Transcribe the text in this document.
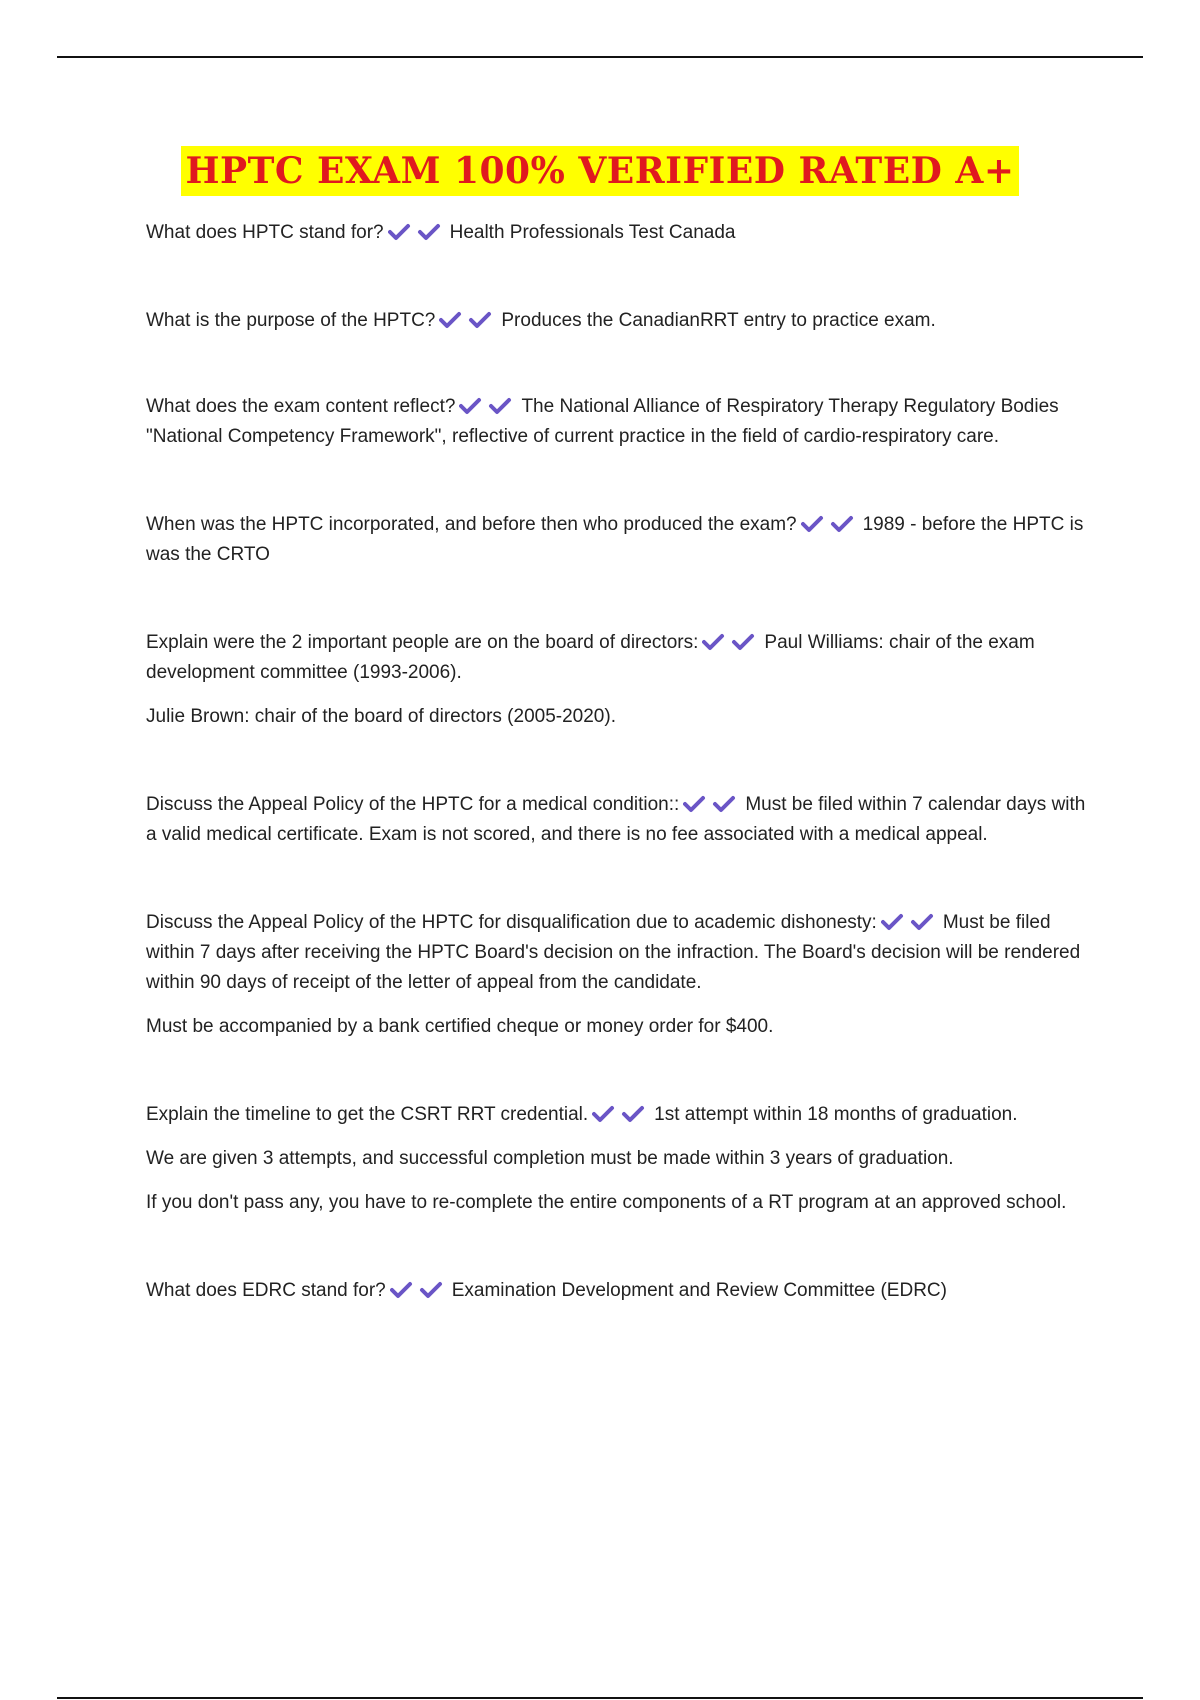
HPTC EXAM 100% VERIFIED RATED A+

What does HPTC stand for?	Health Professionals Test Canada

What is the purpose of the HPTC?	Produces the CanadianRRT entry to practice exam.

What does the exam content reflect?	The National Alliance of Respiratory Therapy Regulatory Bodies "National Competency Framework", reflective of current practice in the field of cardio-respiratory care.

When was the HPTC incorporated, and before then who produced the exam?	1989 - before the HPTC is was the CRTO

Explain were the 2 important people are on the board of directors:	Paul Williams: chair of the exam development committee (1993-2006).

Julie Brown: chair of the board of directors (2005-2020).

Discuss the Appeal Policy of the HPTC for a medical condition::	Must be filed within 7 calendar days with a valid medical certificate. Exam is not scored, and there is no fee associated with a medical appeal.

Discuss the Appeal Policy of the HPTC for disqualification due to academic dishonesty:	Must be filed within 7 days after receiving the HPTC Board's decision on the infraction. The Board's decision will be rendered within 90 days of receipt of the letter of appeal from the candidate.

Must be accompanied by a bank certified cheque or money order for $400.

Explain the timeline to get the CSRT RRT credential.	1st attempt within 18 months of graduation.

We are given 3 attempts, and successful completion must be made within 3 years of graduation.

If you don't pass any, you have to re-complete the entire components of a RT program at an approved school.

What does EDRC stand for?	Examination Development and Review Committee (EDRC)
